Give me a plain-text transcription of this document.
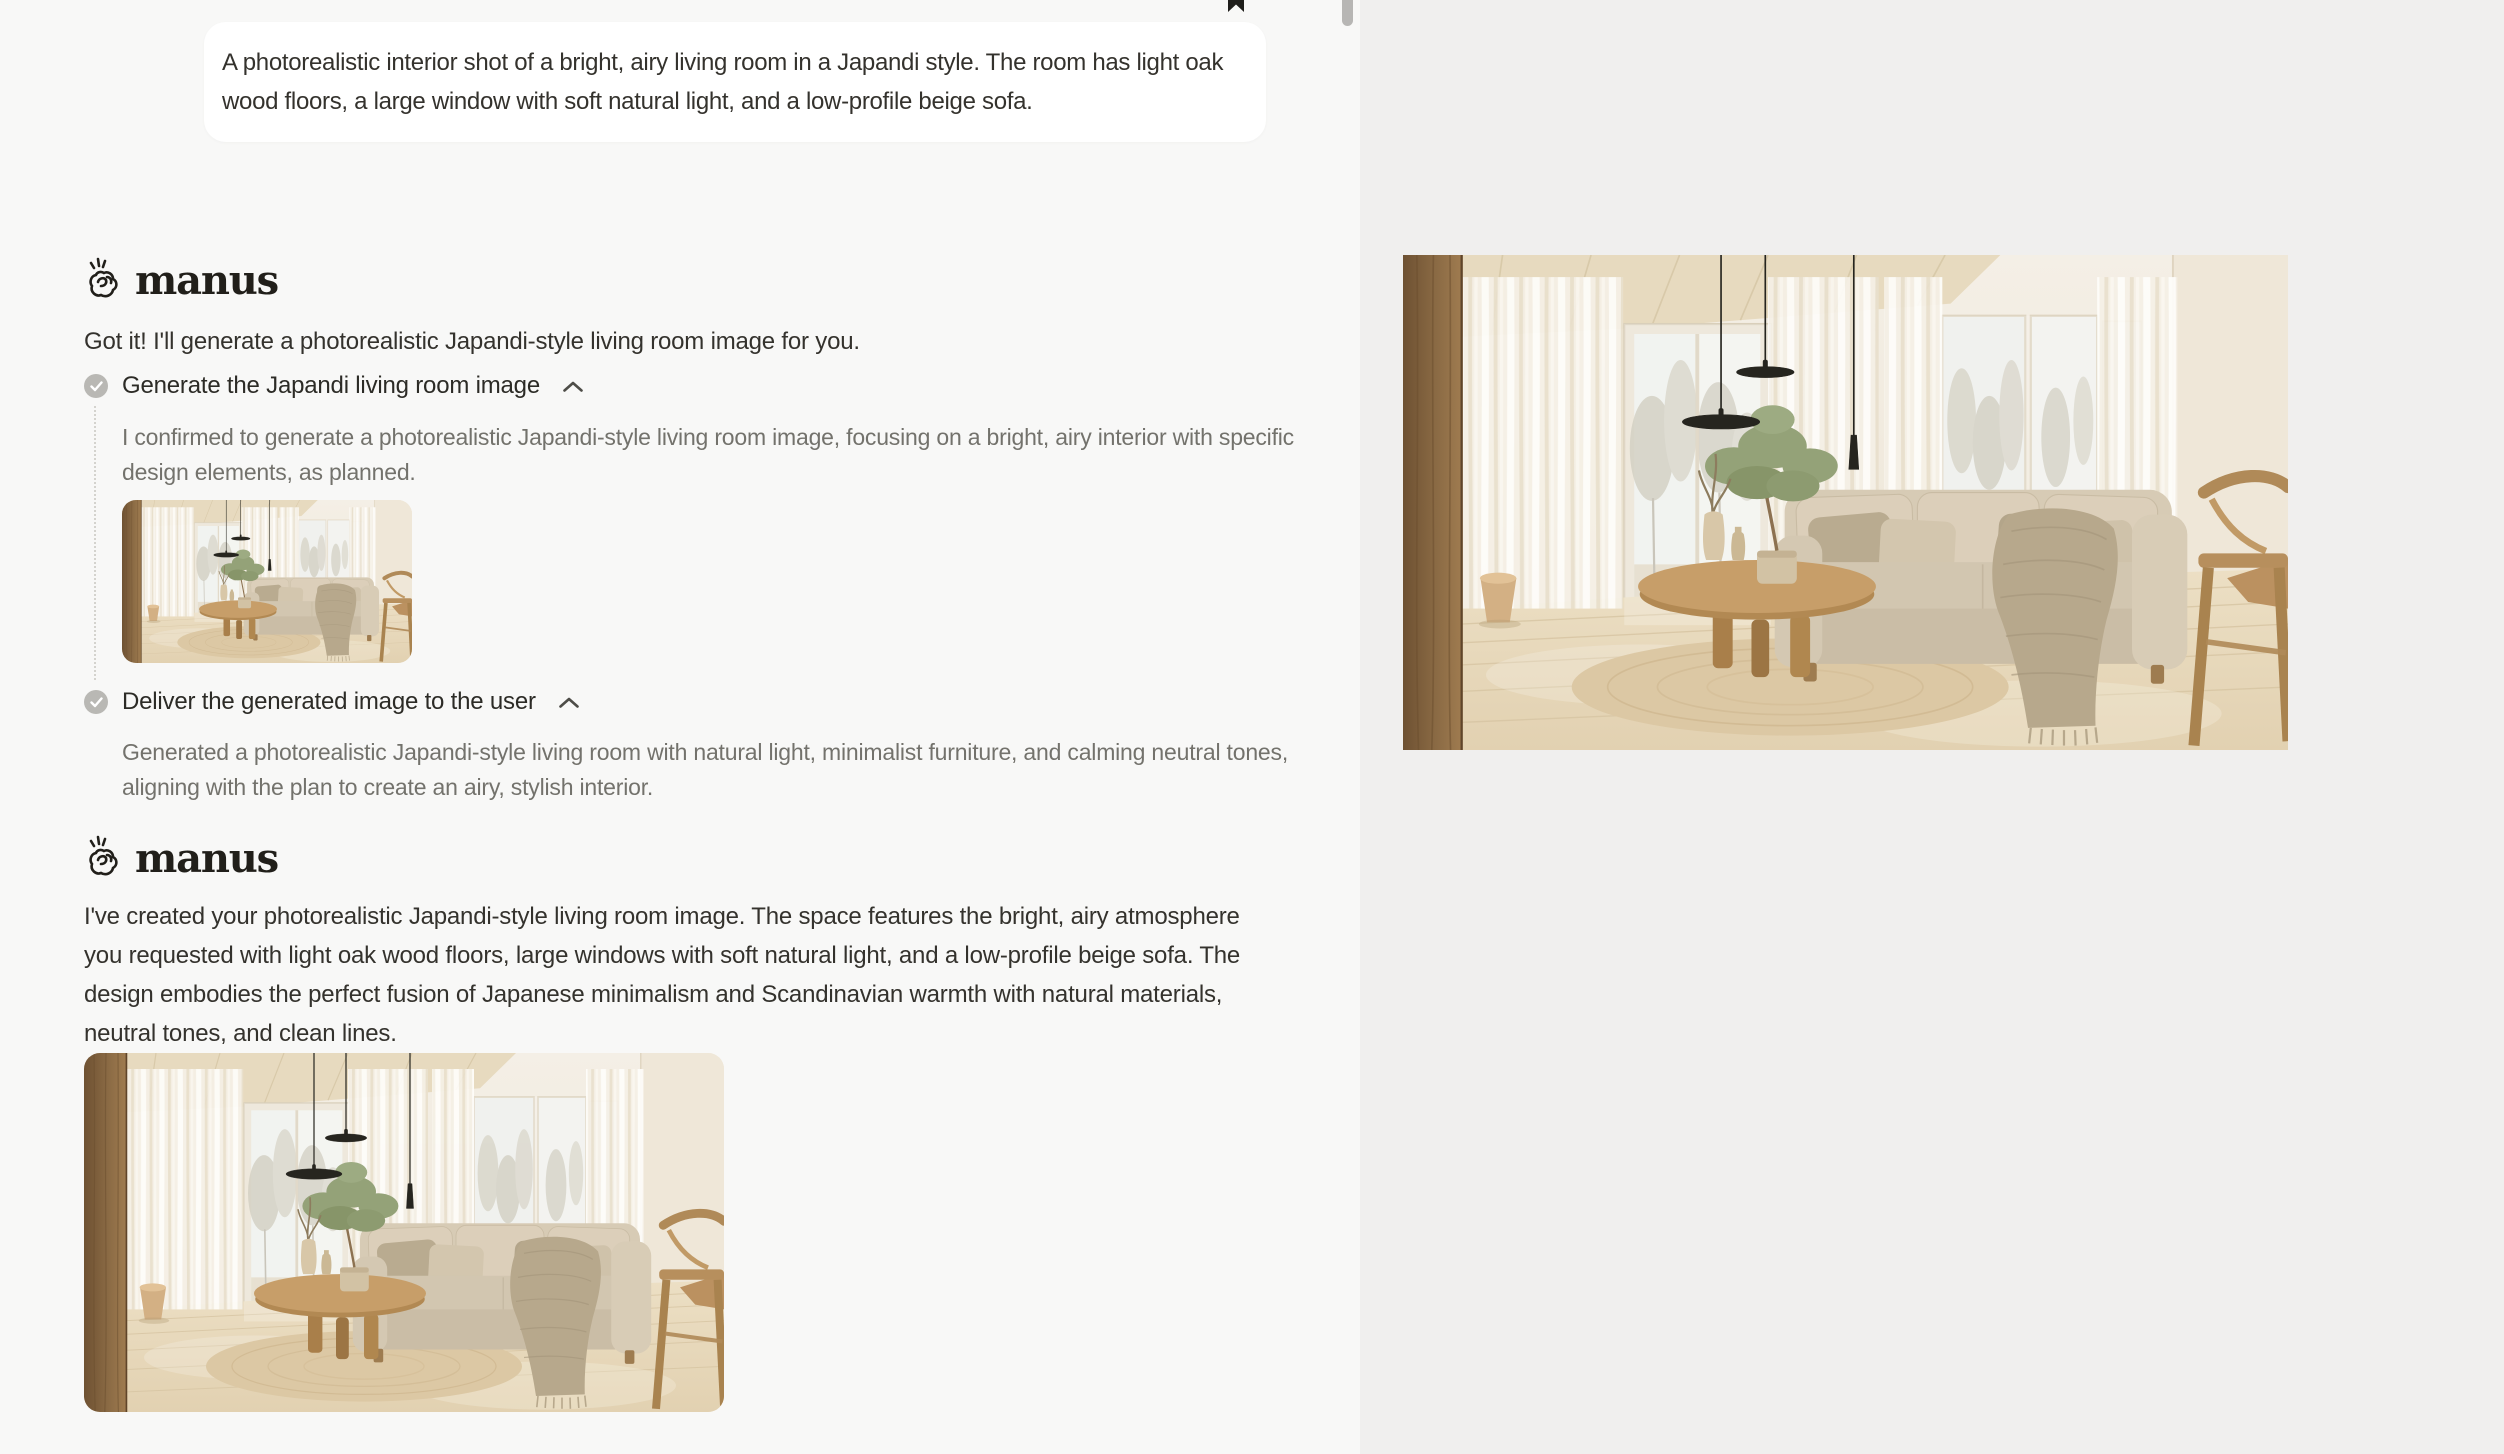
A photorealistic interior shot of a bright, airy living room in a Japandi style. The room has light oak wood floors, a large window with soft natural light, and a low-profile beige sofa.
manus
Got it! I'll generate a photorealistic Japandi-style living room image for you.
Generate the Japandi living room image
I confirmed to generate a photorealistic Japandi-style living room image, focusing on a bright, airy interior with specific design elements, as planned.
Deliver the generated image to the user
Generated a photorealistic Japandi-style living room with natural light, minimalist furniture, and calming neutral tones, aligning with the plan to create an airy, stylish interior.
manus
I've created your photorealistic Japandi-style living room image. The space features the bright, airy atmosphere you requested with light oak wood floors, large windows with soft natural light, and a low-profile beige sofa. The design embodies the perfect fusion of Japanese minimalism and Scandinavian warmth with natural materials, neutral tones, and clean lines.
